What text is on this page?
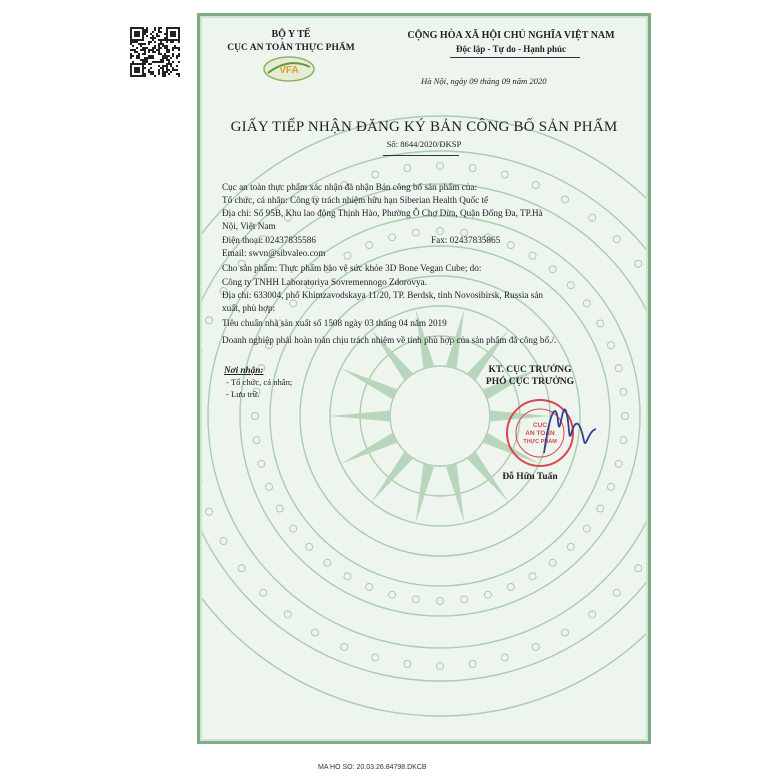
BỘ Y TẾ
CỤC AN TOÀN THỰC PHẨM
VFA
CỘNG HÒA XÃ HỘI CHỦ NGHĨA VIỆT NAM
Độc lập - Tự do - Hạnh phúc
Hà Nội, ngày 09 tháng 09 năm 2020
GIẤY TIẾP NHẬN ĐĂNG KÝ BẢN CÔNG BỐ SẢN PHẨM
Số: 8644/2020/ĐKSP
Cục an toàn thực phẩm xác nhận đã nhận Bản công bố sản phẩm của:
Tổ chức, cá nhân: Công ty trách nhiệm hữu hạn Siberian Health Quốc tế
Địa chỉ: Số 95B, Khu lao động Thịnh Hào, Phường Ô Chợ Dừa, Quận Đống Đa, TP.Hà
Nội, Việt Nam
Điện thoại: 02437835586	Fax: 02437835865
Email: swvn@sibvaleo.com
Cho sản phẩm: Thực phẩm bảo vệ sức khỏe 3D Bone Vegan Cube; do:
Công ty TNHH Laboratoriya Sovremennogo Zdorovya.
Địa chỉ: 633004, phố Khimzavodskaya 11/20, TP. Berdsk, tỉnh Novosibirsk, Russia sản
xuất, phù hợp:
Tiêu chuẩn nhà sản xuất số 1508 ngày 03 tháng 04 năm 2019
Doanh nghiệp phải hoàn toàn chịu trách nhiệm về tính phù hợp của sản phẩm đã công bố./.
Nơi nhận:
- Tổ chức, cá nhân;
- Lưu trữ.
KT. CỤC TRƯỞNG
PHÓ CỤC TRƯỞNG
CỤC
AN TOÀN
THỰC PHẨM
Đỗ Hữu Tuấn
MA HO SO: 20.03.26.84798.DKCB
